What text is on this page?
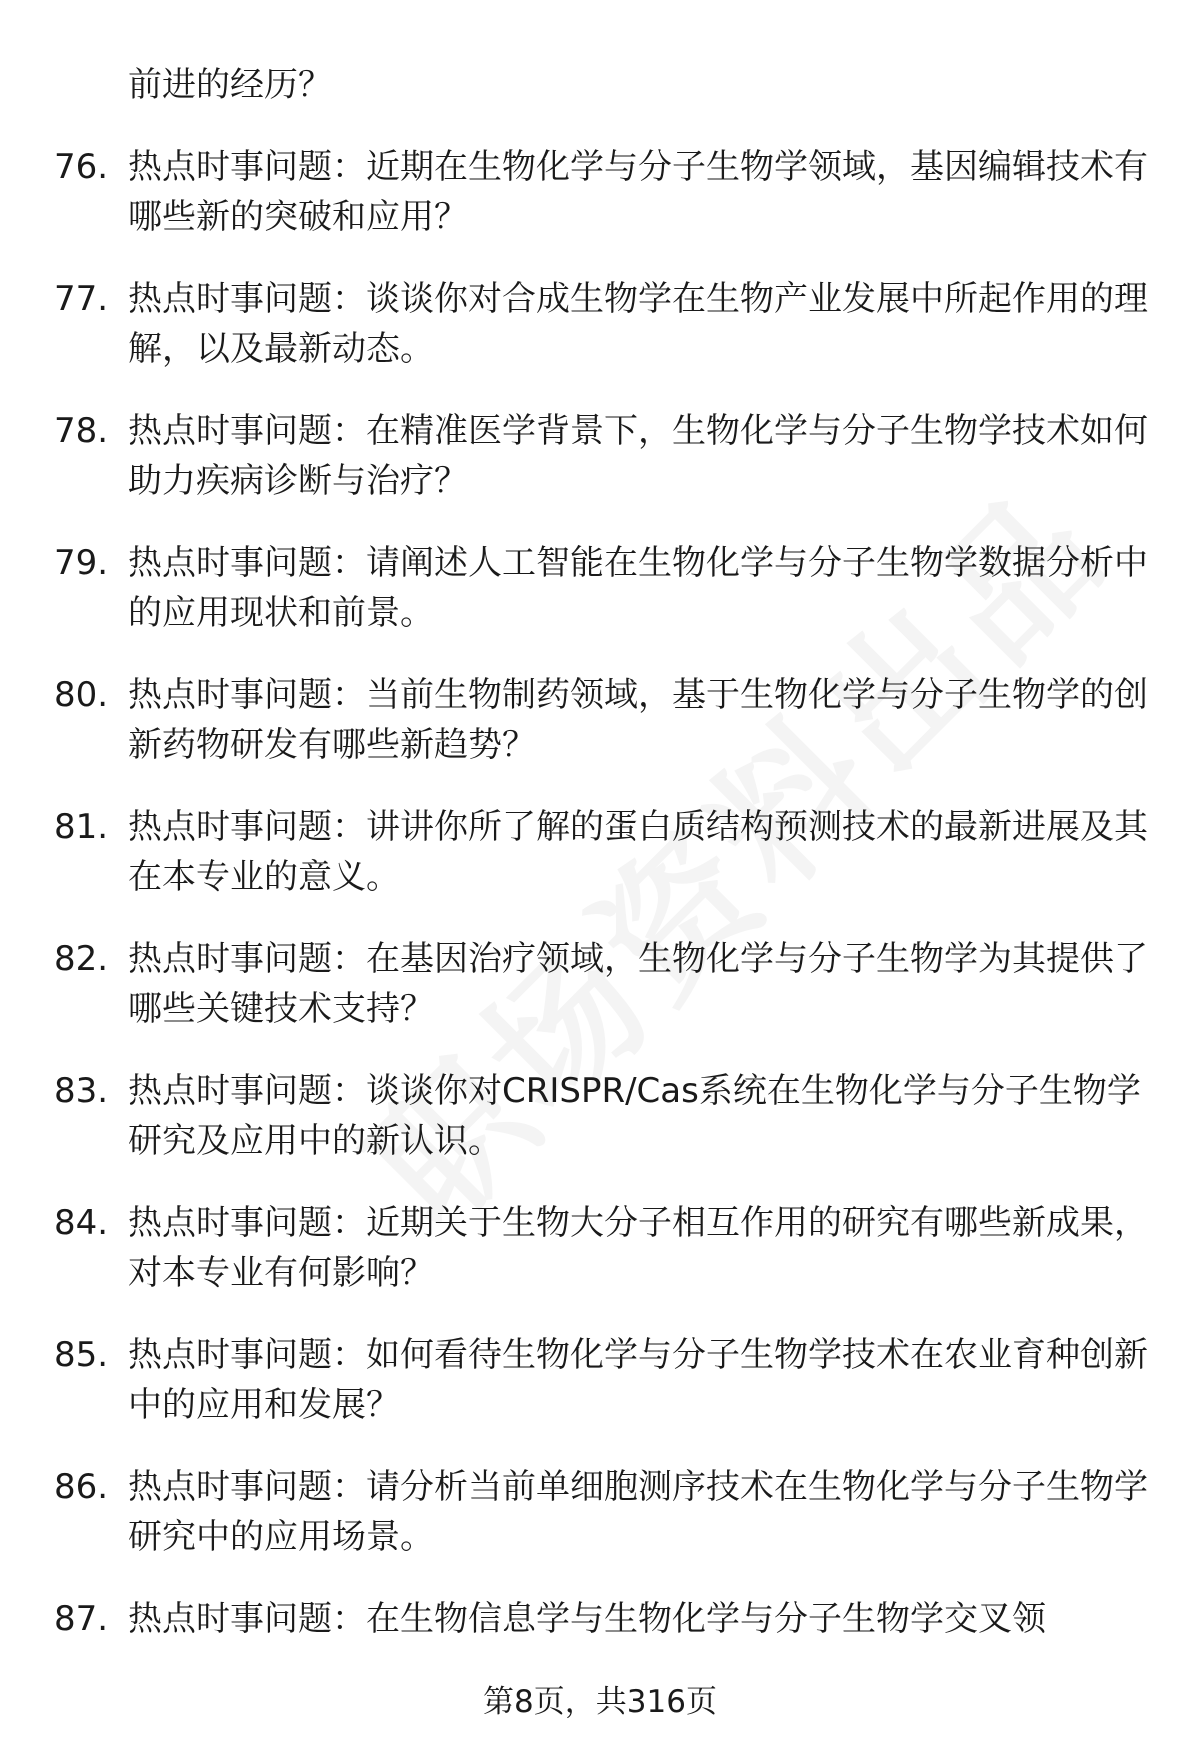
前进的经历？
76. 热点时事问题：近期在生物化学与分子生物学领域，基因编辑技术有哪些新的突破和应用？
77. 热点时事问题：谈谈你对合成生物学在生物产业发展中所起作用的理解，以及最新动态。
78. 热点时事问题：在精准医学背景下，生物化学与分子生物学技术如何助力疾病诊断与治疗？
79. 热点时事问题：请阐述人工智能在生物化学与分子生物学数据分析中的应用现状和前景。
80. 热点时事问题：当前生物制药领域，基于生物化学与分子生物学的创新药物研发有哪些新趋势？
81. 热点时事问题：讲讲你所了解的蛋白质结构预测技术的最新进展及其在本专业的意义。
82. 热点时事问题：在基因治疗领域，生物化学与分子生物学为其提供了哪些关键技术支持？
83. 热点时事问题：谈谈你对CRISPR/Cas系统在生物化学与分子生物学研究及应用中的新认识。
84. 热点时事问题：近期关于生物大分子相互作用的研究有哪些新成果，对本专业有何影响？
85. 热点时事问题：如何看待生物化学与分子生物学技术在农业育种创新中的应用和发展？
86. 热点时事问题：请分析当前单细胞测序技术在生物化学与分子生物学研究中的应用场景。
87. 热点时事问题：在生物信息学与生物化学与分子生物学交叉领
第8页，共316页
